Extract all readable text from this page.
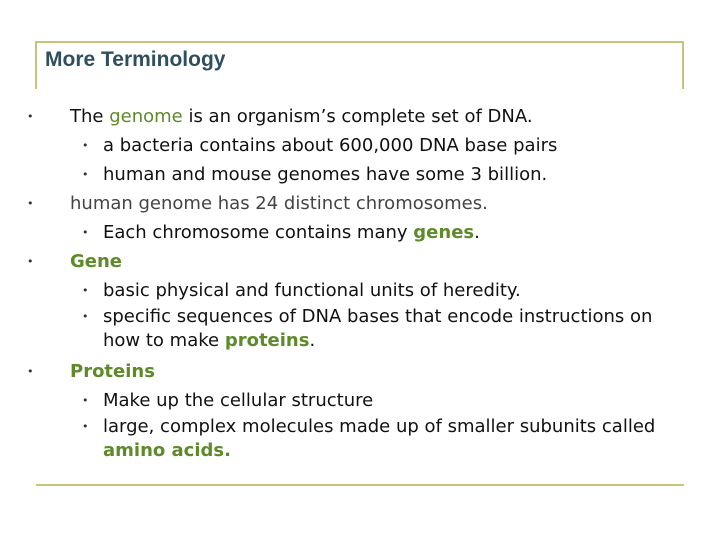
More Terminology
• The genome is an organism’s complete set of DNA.
• a bacteria contains about 600,000 DNA base pairs
• human and mouse genomes have some 3 billion.
• human genome has 24 distinct chromosomes.
• Each chromosome contains many genes.
• Gene
• basic physical and functional units of heredity.
• specific sequences of DNA bases that encode instructions on how to make proteins.
• Proteins
• Make up the cellular structure
• large, complex molecules made up of smaller subunits called amino acids.
